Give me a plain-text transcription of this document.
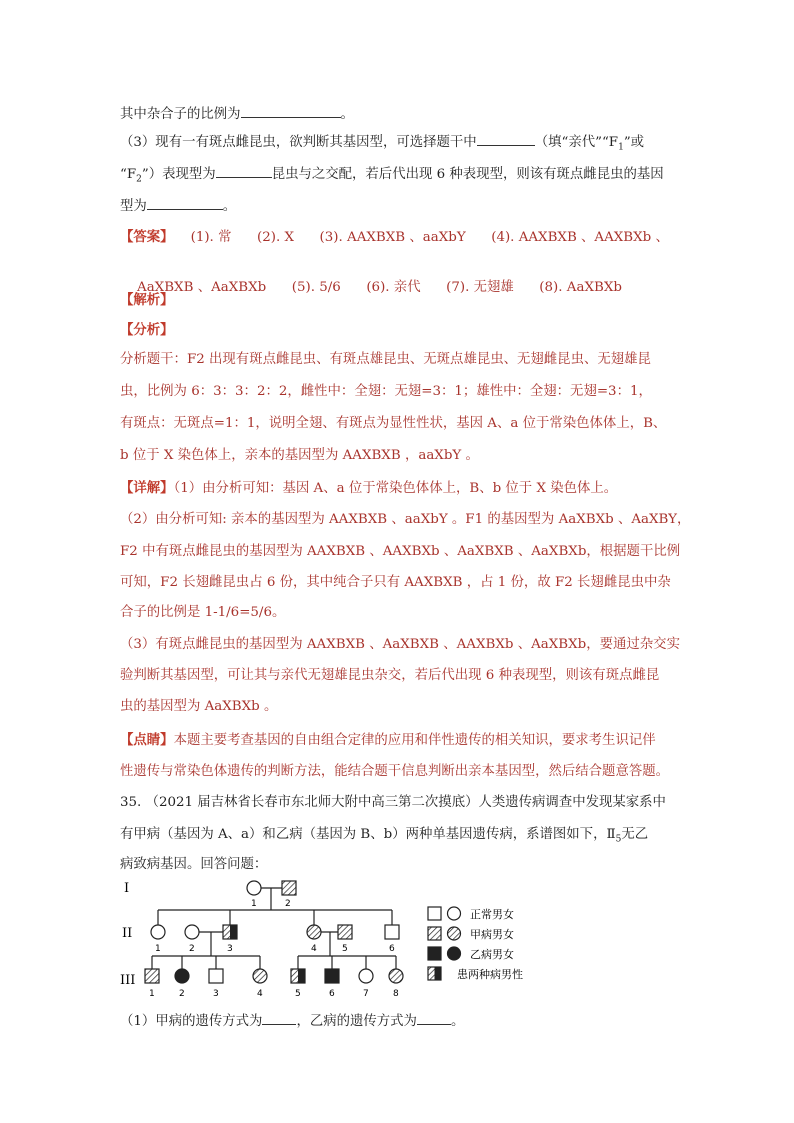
其中杂合子的比例为	。
（3）现有一有斑点雌昆虫，欲判断其基因型，可选择题干中	（填“亲代$”“F_1$”或
“$F_2$”）表现型为	昆虫与之交配，若后代出现 6 种表现型，则该有斑点雌昆虫的基因
型为	。
【答案】    (1). 常      (2). X      (3). AAXBXB 、aaXbY      (4). AAXBXB 、AAXBXb 、

AaXBXB 、AaXBXb      (5). 5/6      (6). 亲代      (7). 无翅雄      (8). AaXBXb

【解析】
【分析】
分析题干：F2 出现有斑点雌昆虫、有斑点雄昆虫、无斑点雄昆虫、无翅雌昆虫、无翅雄昆
虫，比例为 6：3：3：2：2，雌性中：全翅：无翅=3：1；雄性中：全翅：无翅=3：1，
有斑点：无斑点=1：1，说明全翅、有斑点为显性性状，基因 A、a 位于常染色体体上，B、
b 位于 X 染色体上，亲本的基因型为 AAXBXB ，aaXbY 。
【详解】（1）由分析可知：基因 A、a 位于常染色体体上，B、b 位于 X 染色体上。
（2）由分析可知: 亲本的基因型为 AAXBXB 、aaXbY 。F1 的基因型为 AaXBXb 、AaXBY，
F2 中有斑点雌昆虫的基因型为 AAXBXB 、AAXBXb 、AaXBXB 、AaXBXb，根据题干比例
可知，F2 长翅雌昆虫占 6 份，其中纯合子只有 AAXBXB ，占 1 份，故 F2 长翅雌昆虫中杂
合子的比例是 1-1/6=5/6。
（3）有斑点雌昆虫的基因型为 AAXBXB 、AaXBXB 、AAXBXb 、AaXBXb，要通过杂交实
验判断其基因型，可让其与亲代无翅雄昆虫杂交，若后代出现 6 种表现型，则该有斑点雌昆
虫的基因型为 AaXBXb 。
【点睛】本题主要考查基因的自由组合定律的应用和伴性遗传的相关知识，要求考生识记伴
性遗传与常染色体遗传的判断方法，能结合题干信息判断出亲本基因型，然后结合题意答题。
35. （2021 届吉林省长春市东北师大附中高三第二次摸底）人类遗传病调查中发现某家系中
有甲病（基因为 A、a）和乙病（基因为 B、b）两种单基因遗传病，系谱图如下，$Ⅱ_5$无乙
病致病基因。回答问题：
I
II
III
1	2
1	2	3	4	5	6
1	2	3	4	5	6	7	8
正常男女
甲病男女
乙病男女
患两种病男性
（1）甲病的遗传方式为	，乙病的遗传方式为	。
